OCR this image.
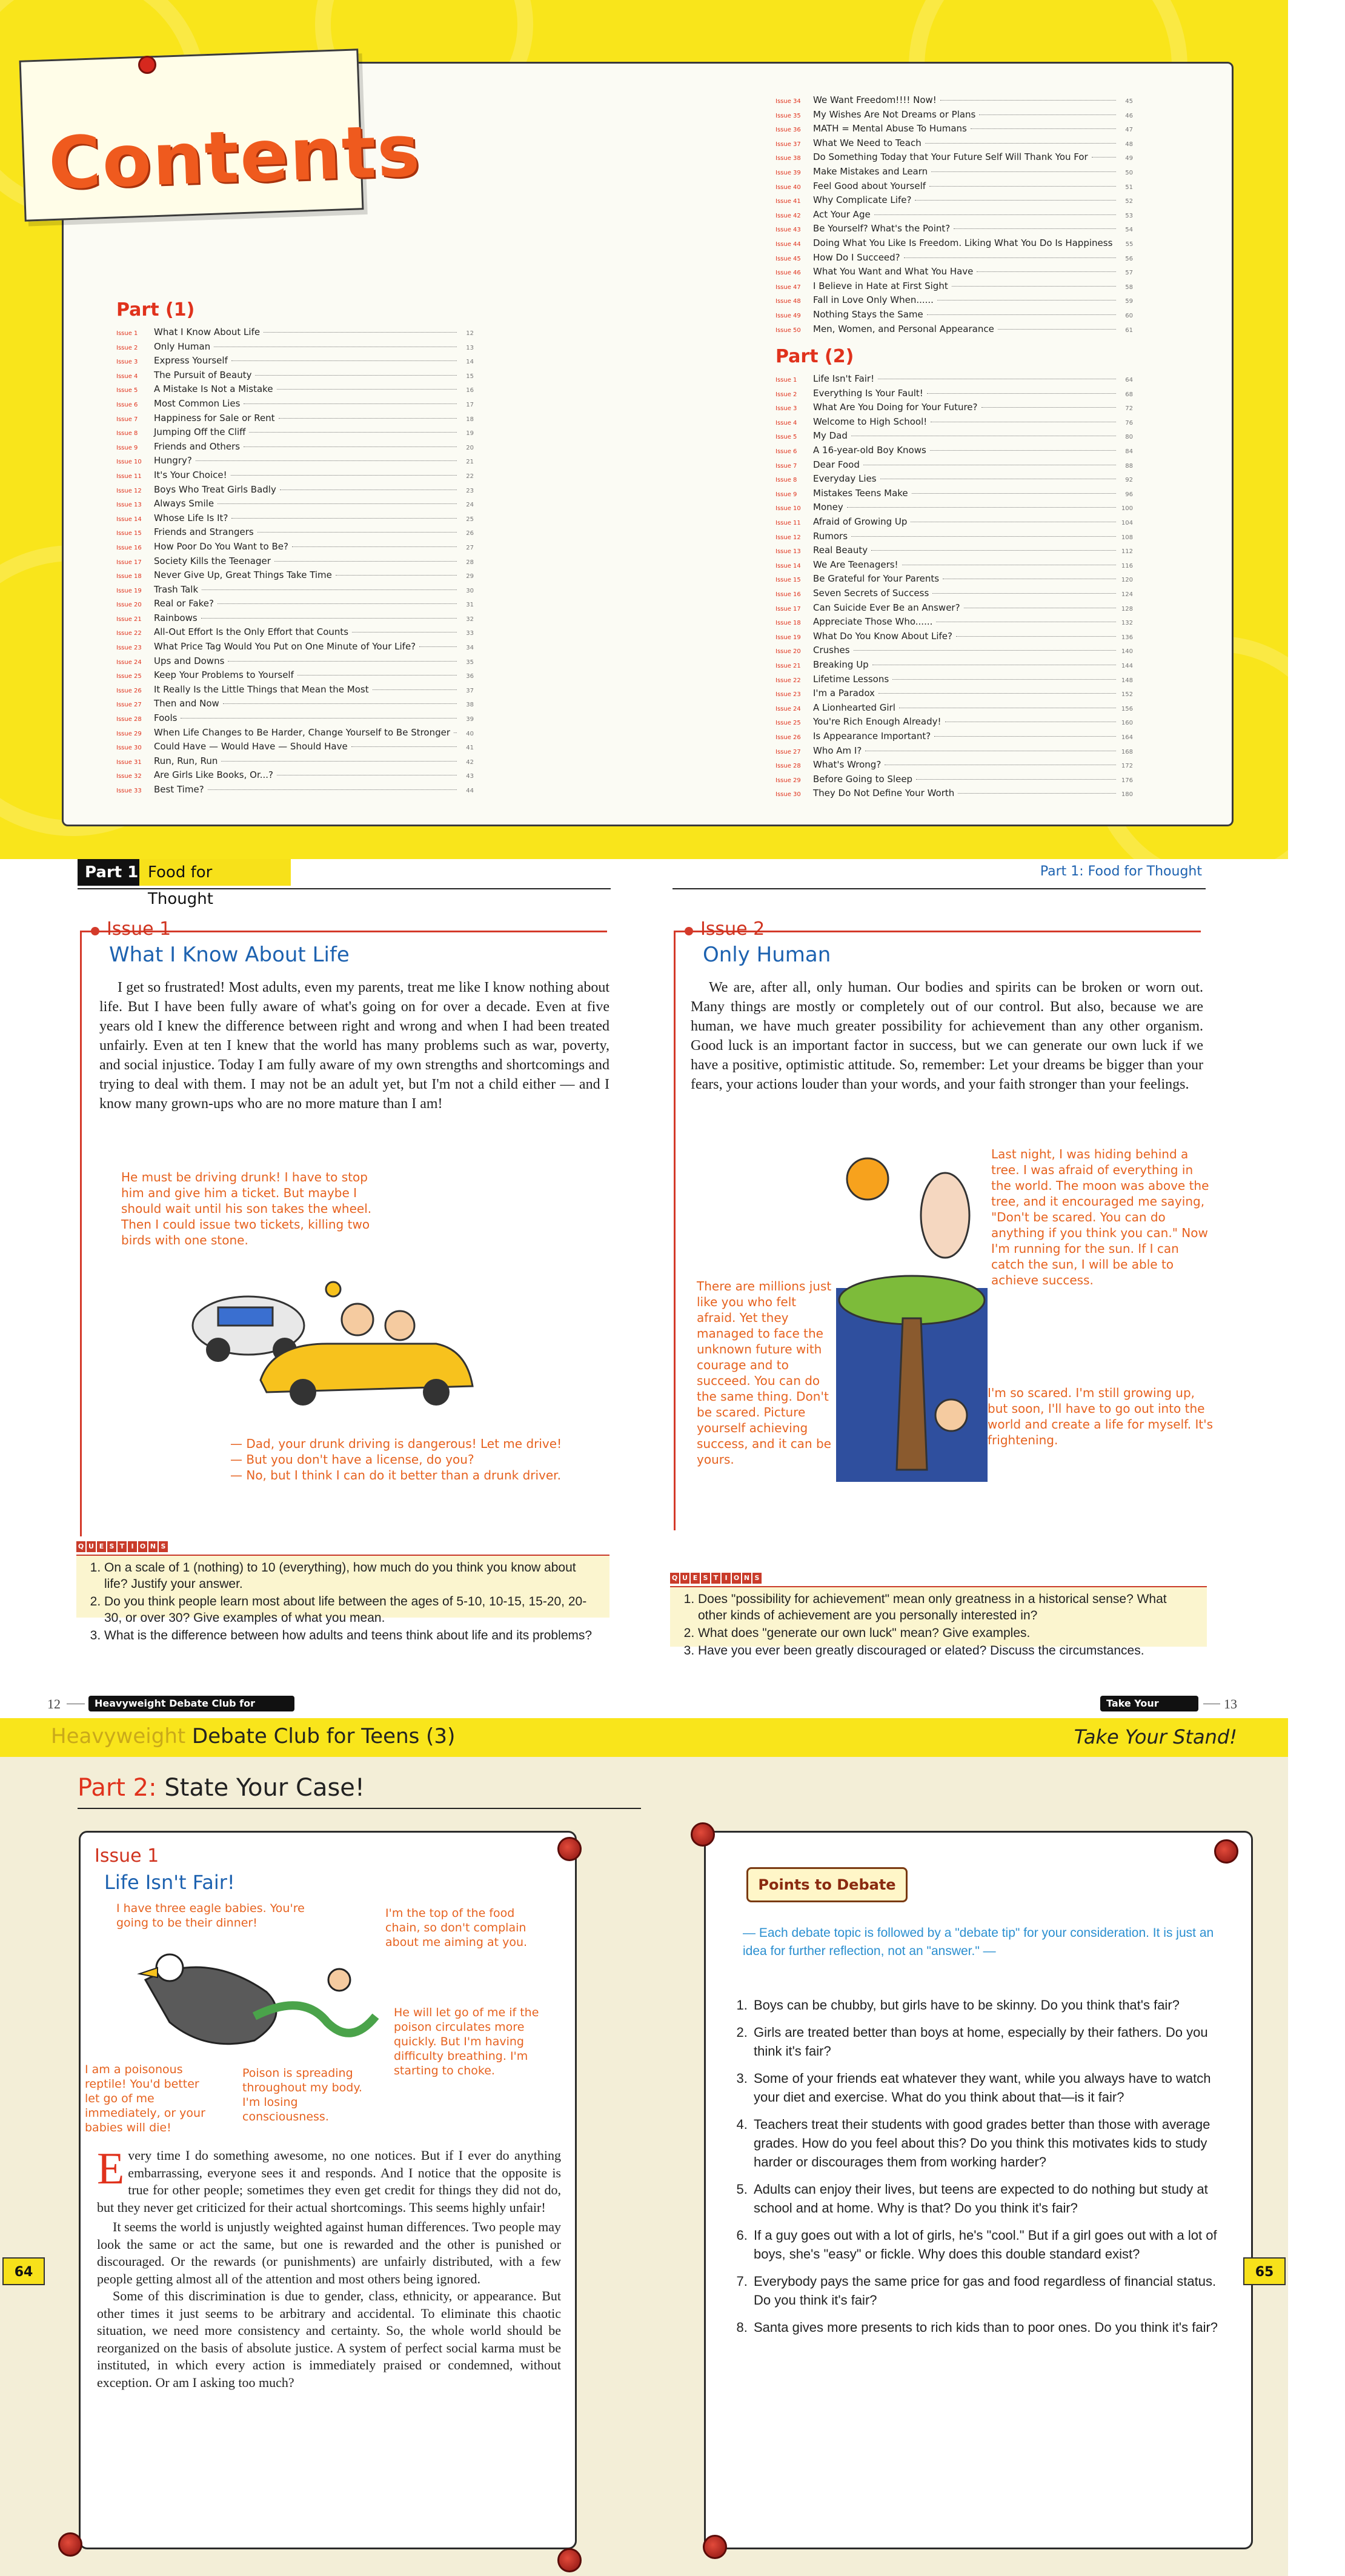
Contents
Part (1)
Issue 1	What I Know About Life	12
Issue 2	Only Human	13
Issue 3	Express Yourself	14
Issue 4	The Pursuit of Beauty	15
Issue 5	A Mistake Is Not a Mistake	16
Issue 6	Most Common Lies	17
Issue 7	Happiness for Sale or Rent	18
Issue 8	Jumping Off the Cliff	19
Issue 9	Friends and Others	20
Issue 10	Hungry?	21
Issue 11	It's Your Choice!	22
Issue 12	Boys Who Treat Girls Badly	23
Issue 13	Always Smile	24
Issue 14	Whose Life Is It?	25
Issue 15	Friends and Strangers	26
Issue 16	How Poor Do You Want to Be?	27
Issue 17	Society Kills the Teenager	28
Issue 18	Never Give Up, Great Things Take Time	29
Issue 19	Trash Talk	30
Issue 20	Real or Fake?	31
Issue 21	Rainbows	32
Issue 22	All-Out Effort Is the Only Effort that Counts	33
Issue 23	What Price Tag Would You Put on One Minute of Your Life?	34
Issue 24	Ups and Downs	35
Issue 25	Keep Your Problems to Yourself	36
Issue 26	It Really Is the Little Things that Mean the Most	37
Issue 27	Then and Now	38
Issue 28	Fools	39
Issue 29	When Life Changes to Be Harder, Change Yourself to Be Stronger	40
Issue 30	Could Have — Would Have — Should Have	41
Issue 31	Run, Run, Run	42
Issue 32	Are Girls Like Books, Or...?	43
Issue 33	Best Time?	44
Issue 34	We Want Freedom!!!! Now!	45
Issue 35	My Wishes Are Not Dreams or Plans	46
Issue 36	MATH = Mental Abuse To Humans	47
Issue 37	What We Need to Teach	48
Issue 38	Do Something Today that Your Future Self Will Thank You For	49
Issue 39	Make Mistakes and Learn	50
Issue 40	Feel Good about Yourself	51
Issue 41	Why Complicate Life?	52
Issue 42	Act Your Age	53
Issue 43	Be Yourself? What's the Point?	54
Issue 44	Doing What You Like Is Freedom. Liking What You Do Is Happiness	55
Issue 45	How Do I Succeed?	56
Issue 46	What You Want and What You Have	57
Issue 47	I Believe in Hate at First Sight	58
Issue 48	Fall in Love Only When......	59
Issue 49	Nothing Stays the Same	60
Issue 50	Men, Women, and Personal Appearance	61
Part (2)
Issue 1	Life Isn't Fair!	64
Issue 2	Everything Is Your Fault!	68
Issue 3	What Are You Doing for Your Future?	72
Issue 4	Welcome to High School!	76
Issue 5	My Dad	80
Issue 6	A 16-year-old Boy Knows	84
Issue 7	Dear Food	88
Issue 8	Everyday Lies	92
Issue 9	Mistakes Teens Make	96
Issue 10	Money	100
Issue 11	Afraid of Growing Up	104
Issue 12	Rumors	108
Issue 13	Real Beauty	112
Issue 14	We Are Teenagers!	116
Issue 15	Be Grateful for Your Parents	120
Issue 16	Seven Secrets of Success	124
Issue 17	Can Suicide Ever Be an Answer?	128
Issue 18	Appreciate Those Who......	132
Issue 19	What Do You Know About Life?	136
Issue 20	Crushes	140
Issue 21	Breaking Up	144
Issue 22	Lifetime Lessons	148
Issue 23	I'm a Paradox	152
Issue 24	A Lionhearted Girl	156
Issue 25	You're Rich Enough Already!	160
Issue 26	Is Appearance Important?	164
Issue 27	Who Am I?	168
Issue 28	What's Wrong?	172
Issue 29	Before Going to Sleep	176
Issue 30	They Do Not Define Your Worth	180
Part 1 Food for Thought
Part 1: Food for Thought
Issue 1
What I Know About Life
I get so frustrated! Most adults, even my parents, treat me like I know nothing about life. But I have been fully aware of what's going on for over a decade. Even at five years old I knew the difference between right and wrong and when I had been treated unfairly. Even at ten I knew that the world has many problems such as war, poverty, and social injustice. Today I am fully aware of my own strengths and shortcomings and trying to deal with them. I may not be an adult yet, but I'm not a child either — and I know many grown-ups who are no more mature than I am!
He must be driving drunk! I have to stop him and give him a ticket. But maybe I should wait until his son takes the wheel. Then I could issue two tickets, killing two birds with one stone.
— Dad, your drunk driving is dangerous! Let me drive!
— But you don't have a license, do you?
— No, but I think I can do it better than a drunk driver.
Q U E S T	I O N S
1. On a scale of 1 (nothing) to 10 (everything), how much do you think you know about life? Justify your answer.
2. Do you think people learn most about life between the ages of 5-10, 10-15, 15-20, 20-30, or over 30? Give examples of what you mean.
3. What is the difference between how adults and teens think about life and its problems?
Issue 2
Only Human
We are, after all, only human. Our bodies and spirits can be broken or worn out. Many things are mostly or completely out of our control. But also, because we are human, we have much greater possibility for achievement than any other organism. Good luck is an important factor in success, but we can generate our own luck if we have a positive, optimistic attitude. So, remember: Let your dreams be bigger than your fears, your actions louder than your words, and your faith stronger than your feelings.
Last night, I was hiding behind a tree. I was afraid of everything in the world. The moon was above the tree, and it encouraged me saying, "Don't be scared. You can do anything if you think you can." Now I'm running for the sun. If I can catch the sun, I will be able to achieve success.
There are millions just like you who felt afraid. Yet they managed to face the unknown future with courage and to succeed. You can do the same thing. Don't be scared. Picture yourself achieving success, and it can be yours.
I'm so scared. I'm still growing up, but soon, I'll have to go out into the world and create a life for myself. It's frightening.
Q U E S T	I O N S
1. Does "possibility for achievement" mean only greatness in a historical sense? What other kinds of achievement are you personally interested in?
2. What does "generate our own luck" mean? Give examples.
3. Have you ever been greatly discouraged or elated? Discuss the circumstances.
12	Heavyweight Debate Club for	Take Your	13
Heavyweight Debate Club for Teens (3)	Take Your Stand!
Part 2: State Your Case!
64
Issue 1
Life Isn't Fair!
I have three eagle babies. You're going to be their dinner!
I'm the top of the food chain, so don't complain about me aiming at you.
He will let go of me if the poison circulates more quickly. But I'm having difficulty breathing. I'm starting to choke.
I am a poisonous reptile! You'd better let go of me immediately, or your babies will die!
Poison is spreading throughout my body. I'm losing consciousness.

Every time I do something awesome, no one notices. But if I ever do anything embarrassing, everyone sees it and responds. And I notice that the opposite is true for other people; sometimes they even get credit for things they did not do, but they never get criticized for their actual shortcomings. This seems highly unfair!

It seems the world is unjustly weighted against human differences. Two people may look the same or act the same, but one is rewarded and the other is punished or discouraged. Or the rewards (or punishments) are unfairly distributed, with a few people getting almost all of the attention and most others being ignored.

Some of this discrimination is due to gender, class, ethnicity, or appearance. But other times it just seems to be arbitrary and accidental. To eliminate this chaotic situation, we need more consistency and certainty. So, the whole world should be reorganized on the basis of absolute justice. A system of perfect social karma must be instituted, in which every action is immediately praised or condemned, without exception. Or am I asking too much?

65
Points to Debate
— Each debate topic is followed by a "debate tip" for your consideration. It is just an idea for further reflection, not an "answer." —
1. Boys can be chubby, but girls have to be skinny. Do you think that's fair?
2. Girls are treated better than boys at home, especially by their fathers. Do you think it's fair?
3. Some of your friends eat whatever they want, while you always have to watch your diet and exercise. What do you think about that—is it fair?
4. Teachers treat their students with good grades better than those with average grades. How do you feel about this? Do you think this motivates kids to study harder or discourages them from working harder?
5. Adults can enjoy their lives, but teens are expected to do nothing but study at school and at home. Why is that? Do you think it's fair?
6. If a guy goes out with a lot of girls, he's "cool." But if a girl goes out with a lot of boys, she's "easy" or fickle. Why does this double standard exist?
7. Everybody pays the same price for gas and food regardless of financial status. Do you think it's fair?
8. Santa gives more presents to rich kids than to poor ones. Do you think it's fair?
